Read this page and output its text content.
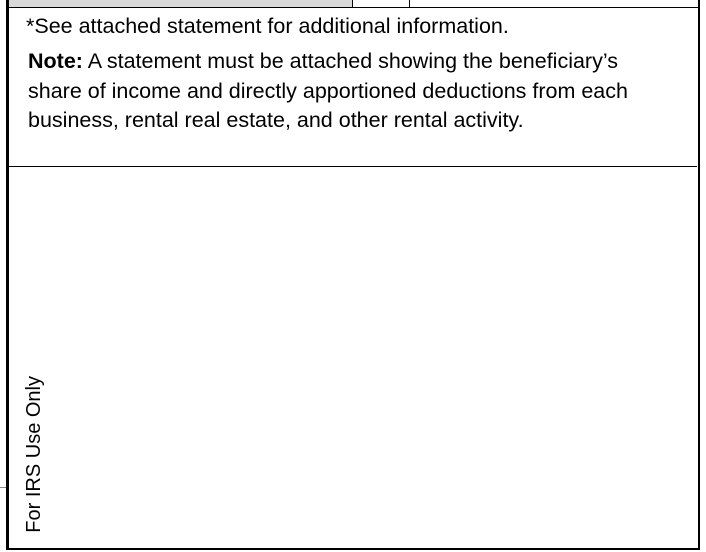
*See attached statement for additional information.
Note: A statement must be attached showing the beneficiary’s share of income and directly apportioned deductions from each business, rental real estate, and other rental activity.
For IRS Use Only
